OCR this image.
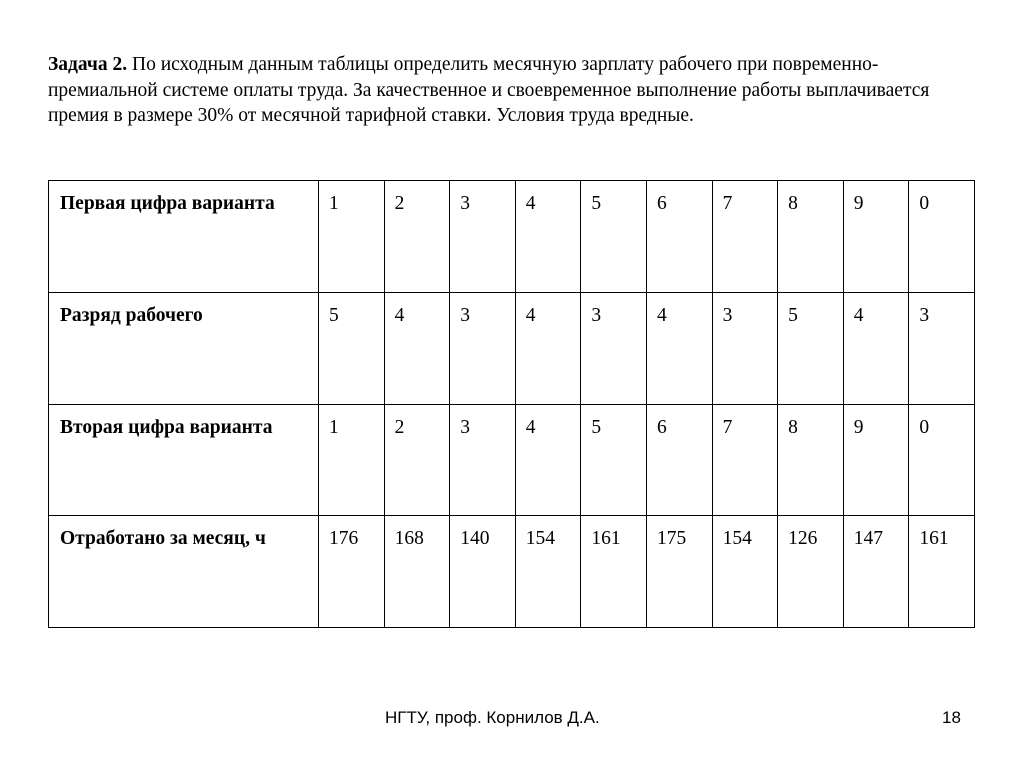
Задача 2. По исходным данным таблицы определить месячную зарплату рабочего при повременно-премиальной системе оплаты труда. За качественное и своевременное выполнение работы выплачивается премия в размере 30% от месячной тарифной ставки. Условия труда вредные.

Первая цифра варианта	1	2	3	4	5	6	7	8	9	0
Разряд рабочего	5	4	3	4	3	4	3	5	4	3
Вторая цифра варианта	1	2	3	4	5	6	7	8	9	0
Отработано за месяц, ч	176	168	140	154	161	175	154	126	147	161
НГТУ, проф. Корнилов Д.А.	18
